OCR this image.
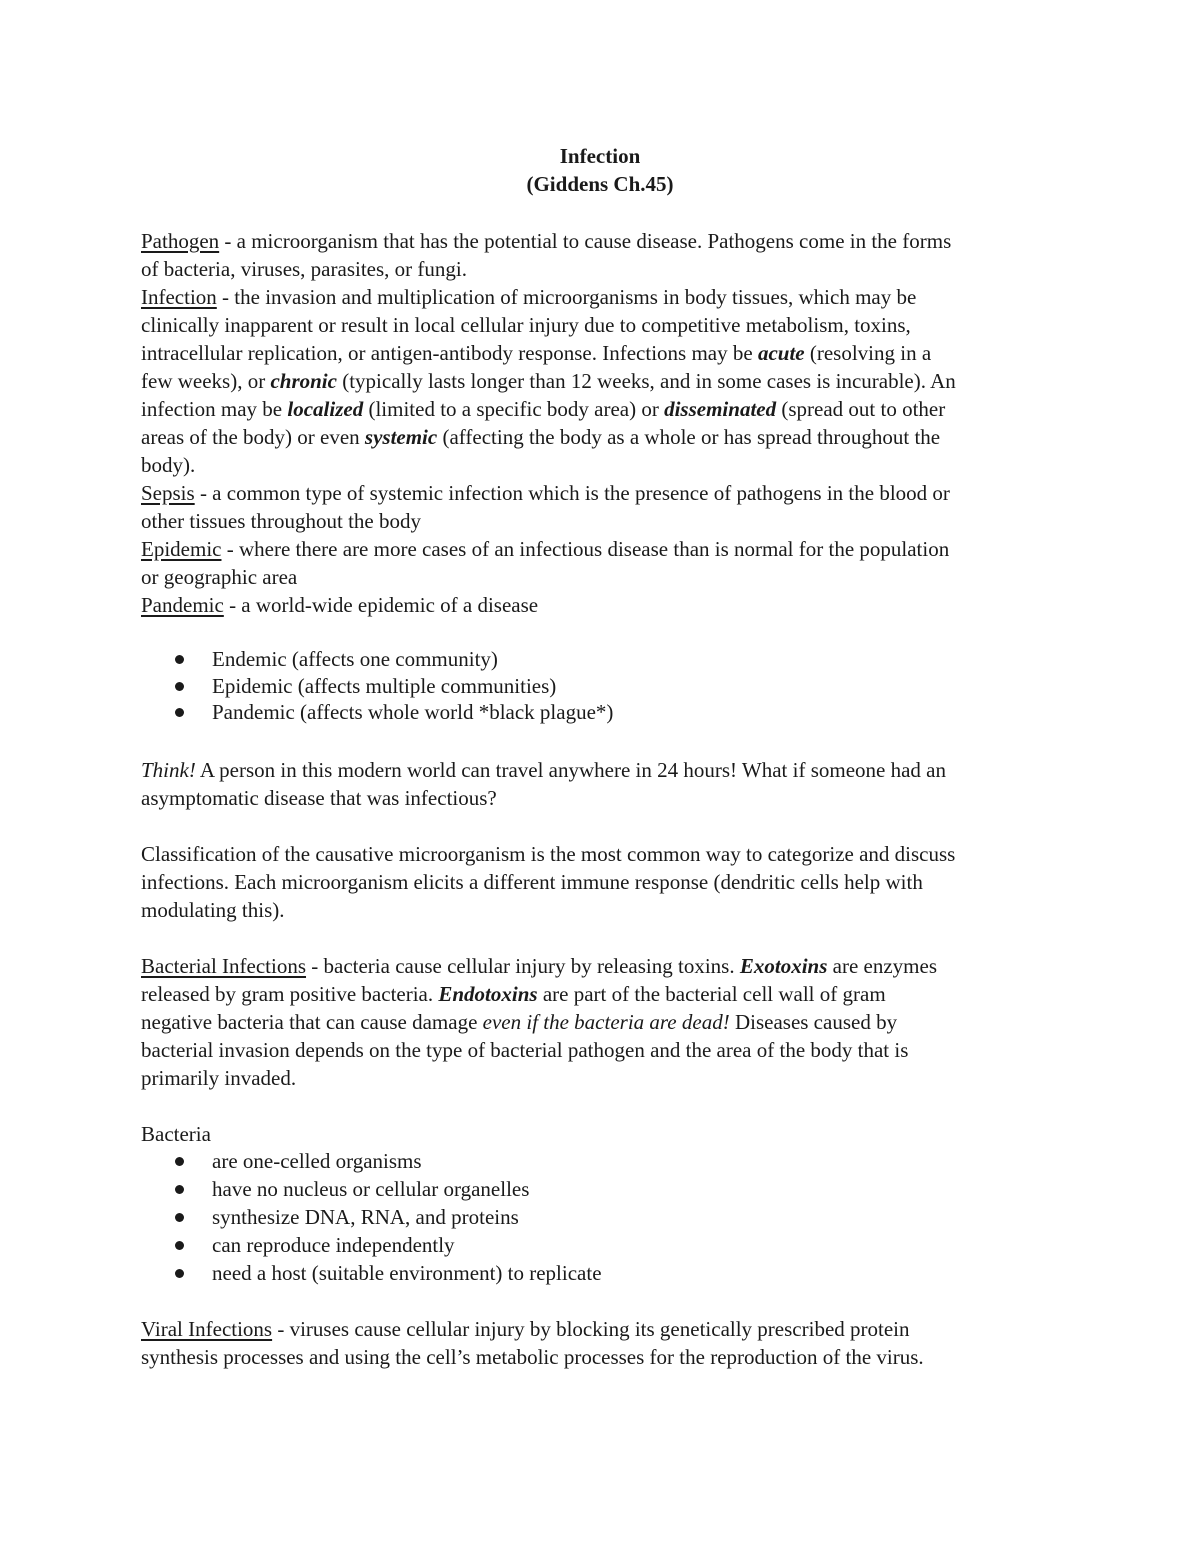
Infection
(Giddens Ch.45)
Pathogen - a microorganism that has the potential to cause disease. Pathogens come in the forms
of bacteria, viruses, parasites, or fungi.
Infection - the invasion and multiplication of microorganisms in body tissues, which may be
clinically inapparent or result in local cellular injury due to competitive metabolism, toxins,
intracellular replication, or antigen-antibody response. Infections may be acute (resolving in a
few weeks), or chronic (typically lasts longer than 12 weeks, and in some cases is incurable). An
infection may be localized (limited to a specific body area) or disseminated (spread out to other
areas of the body) or even systemic (affecting the body as a whole or has spread throughout the
body).
Sepsis - a common type of systemic infection which is the presence of pathogens in the blood or
other tissues throughout the body
Epidemic - where there are more cases of an infectious disease than is normal for the population
or geographic area
Pandemic - a world-wide epidemic of a disease
Endemic (affects one community)
Epidemic (affects multiple communities)
Pandemic (affects whole world *black plague*)
Think! A person in this modern world can travel anywhere in 24 hours! What if someone had an
asymptomatic disease that was infectious?
Classification of the causative microorganism is the most common way to categorize and discuss
infections. Each microorganism elicits a different immune response (dendritic cells help with
modulating this).
Bacterial Infections - bacteria cause cellular injury by releasing toxins. Exotoxins are enzymes
released by gram positive bacteria. Endotoxins are part of the bacterial cell wall of gram
negative bacteria that can cause damage even if the bacteria are dead! Diseases caused by
bacterial invasion depends on the type of bacterial pathogen and the area of the body that is
primarily invaded.
Bacteria
are one-celled organisms
have no nucleus or cellular organelles
synthesize DNA, RNA, and proteins
can reproduce independently
need a host (suitable environment) to replicate
Viral Infections - viruses cause cellular injury by blocking its genetically prescribed protein
synthesis processes and using the cell’s metabolic processes for the reproduction of the virus.
